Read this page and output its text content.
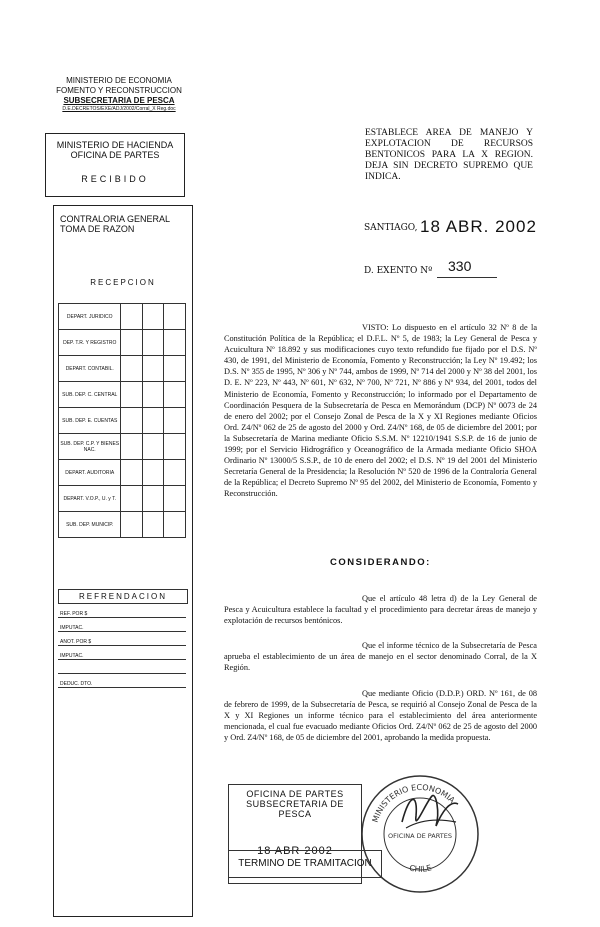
MINISTERIO DE ECONOMIA
FOMENTO Y RECONSTRUCCION
SUBSECRETARIA DE PESCA
D.E.DECRETOS/EXE/ADJ/2002/Corral_X Reg.doc
MINISTERIO DE HACIENDA
OFICINA DE PARTES
RECIBIDO
CONTRALORIA GENERAL
TOMA DE RAZON
RECEPCION
DEPART. JURIDICO			
DEP. T.R. Y REGISTRO			
DEPART. CONTABIL.			
SUB. DEP. C. CENTRAL			
SUB. DEP. E. CUENTAS			
SUB. DEP. C.P. Y BIENES NAC.			
DEPART. AUDITORIA			
DEPART. V.O.P., U. y T.			
SUB. DEP. MUNICIP.			
REFRENDACION
REF. POR $
IMPUTAC.
ANOT. POR $
IMPUTAC.

DEDUC. DTO.
ESTABLECE AREA DE MANEJO Y EXPLOTACION DE RECURSOS BENTONICOS PARA LA X REGION. DEJA SIN DECRETO SUPREMO QUE INDICA.
SANTIAGO, 18 ABR. 2002
D. EXENTO Nº 330
VISTO: Lo dispuesto en el artículo 32 Nº 8 de la Constitución Política de la República; el D.F.L. Nº 5, de 1983; la Ley General de Pesca y Acuicultura Nº 18.892 y sus modificaciones cuyo texto refundido fue fijado por el D.S. Nº 430, de 1991, del Ministerio de Economía, Fomento y Reconstrucción; la Ley Nº 19.492; los D.S. Nº 355 de 1995, Nº 306 y Nº 744, ambos de 1999, Nº 714 del 2000 y Nº 38 del 2001, los D. E. Nº 223, Nº 443, Nº 601, Nº 632, Nº 700, Nº 721, Nº 886 y Nº 934, del 2001, todos del Ministerio de Economía, Fomento y Reconstrucción; lo informado por el Departamento de Coordinación Pesquera de la Subsecretaría de Pesca en Memorándum (DCP) Nº 0073 de 24 de enero del 2002; por el Consejo Zonal de Pesca de la X y XI Regiones mediante Oficios Ord. Z4/Nº 062 de 25 de agosto del 2000 y Ord. Z4/Nº 168, de 05 de diciembre del 2001; por la Subsecretaría de Marina mediante Oficio S.S.M. Nº 12210/1941 S.S.P. de 16 de junio de 1999; por el Servicio Hidrográfico y Oceanográfico de la Armada mediante Oficio SHOA Ordinario Nº 13000/5 S.S.P., de 10 de enero del 2002; el D.S. Nº 19 del 2001 del Ministerio Secretaría General de la Presidencia; la Resolución Nº 520 de 1996 de la Contraloría General de la República; el Decreto Supremo Nº 95 del 2002, del Ministerio de Economía, Fomento y Reconstrucción.
CONSIDERANDO:
Que el artículo 48 letra d) de la Ley General de Pesca y Acuicultura establece la facultad y el procedimiento para decretar áreas de manejo y explotación de recursos bentónicos.
Que el informe técnico de la Subsecretaría de Pesca aprueba el establecimiento de un área de manejo en el sector denominado Corral, de la X Región.
Que mediante Oficio (D.D.P.) ORD. Nº 161, de 08 de febrero de 1999, de la Subsecretaría de Pesca, se requirió al Consejo Zonal de Pesca de la X y XI Regiones un informe técnico para el establecimiento del área anteriormente mencionada, el cual fue evacuado mediante Oficios Ord. Z4/Nº 062 de 25 de agosto del 2000 y Ord. Z4/Nº 168, de 05 de diciembre del 2001, aprobando la medida propuesta.
OFICINA DE PARTES
SUBSECRETARIA DE PESCA
18 ABR 2002
TERMINO DE TRAMITACION
MINISTERIO ECONOMIA
CHILE
OFICINA DE PARTES
